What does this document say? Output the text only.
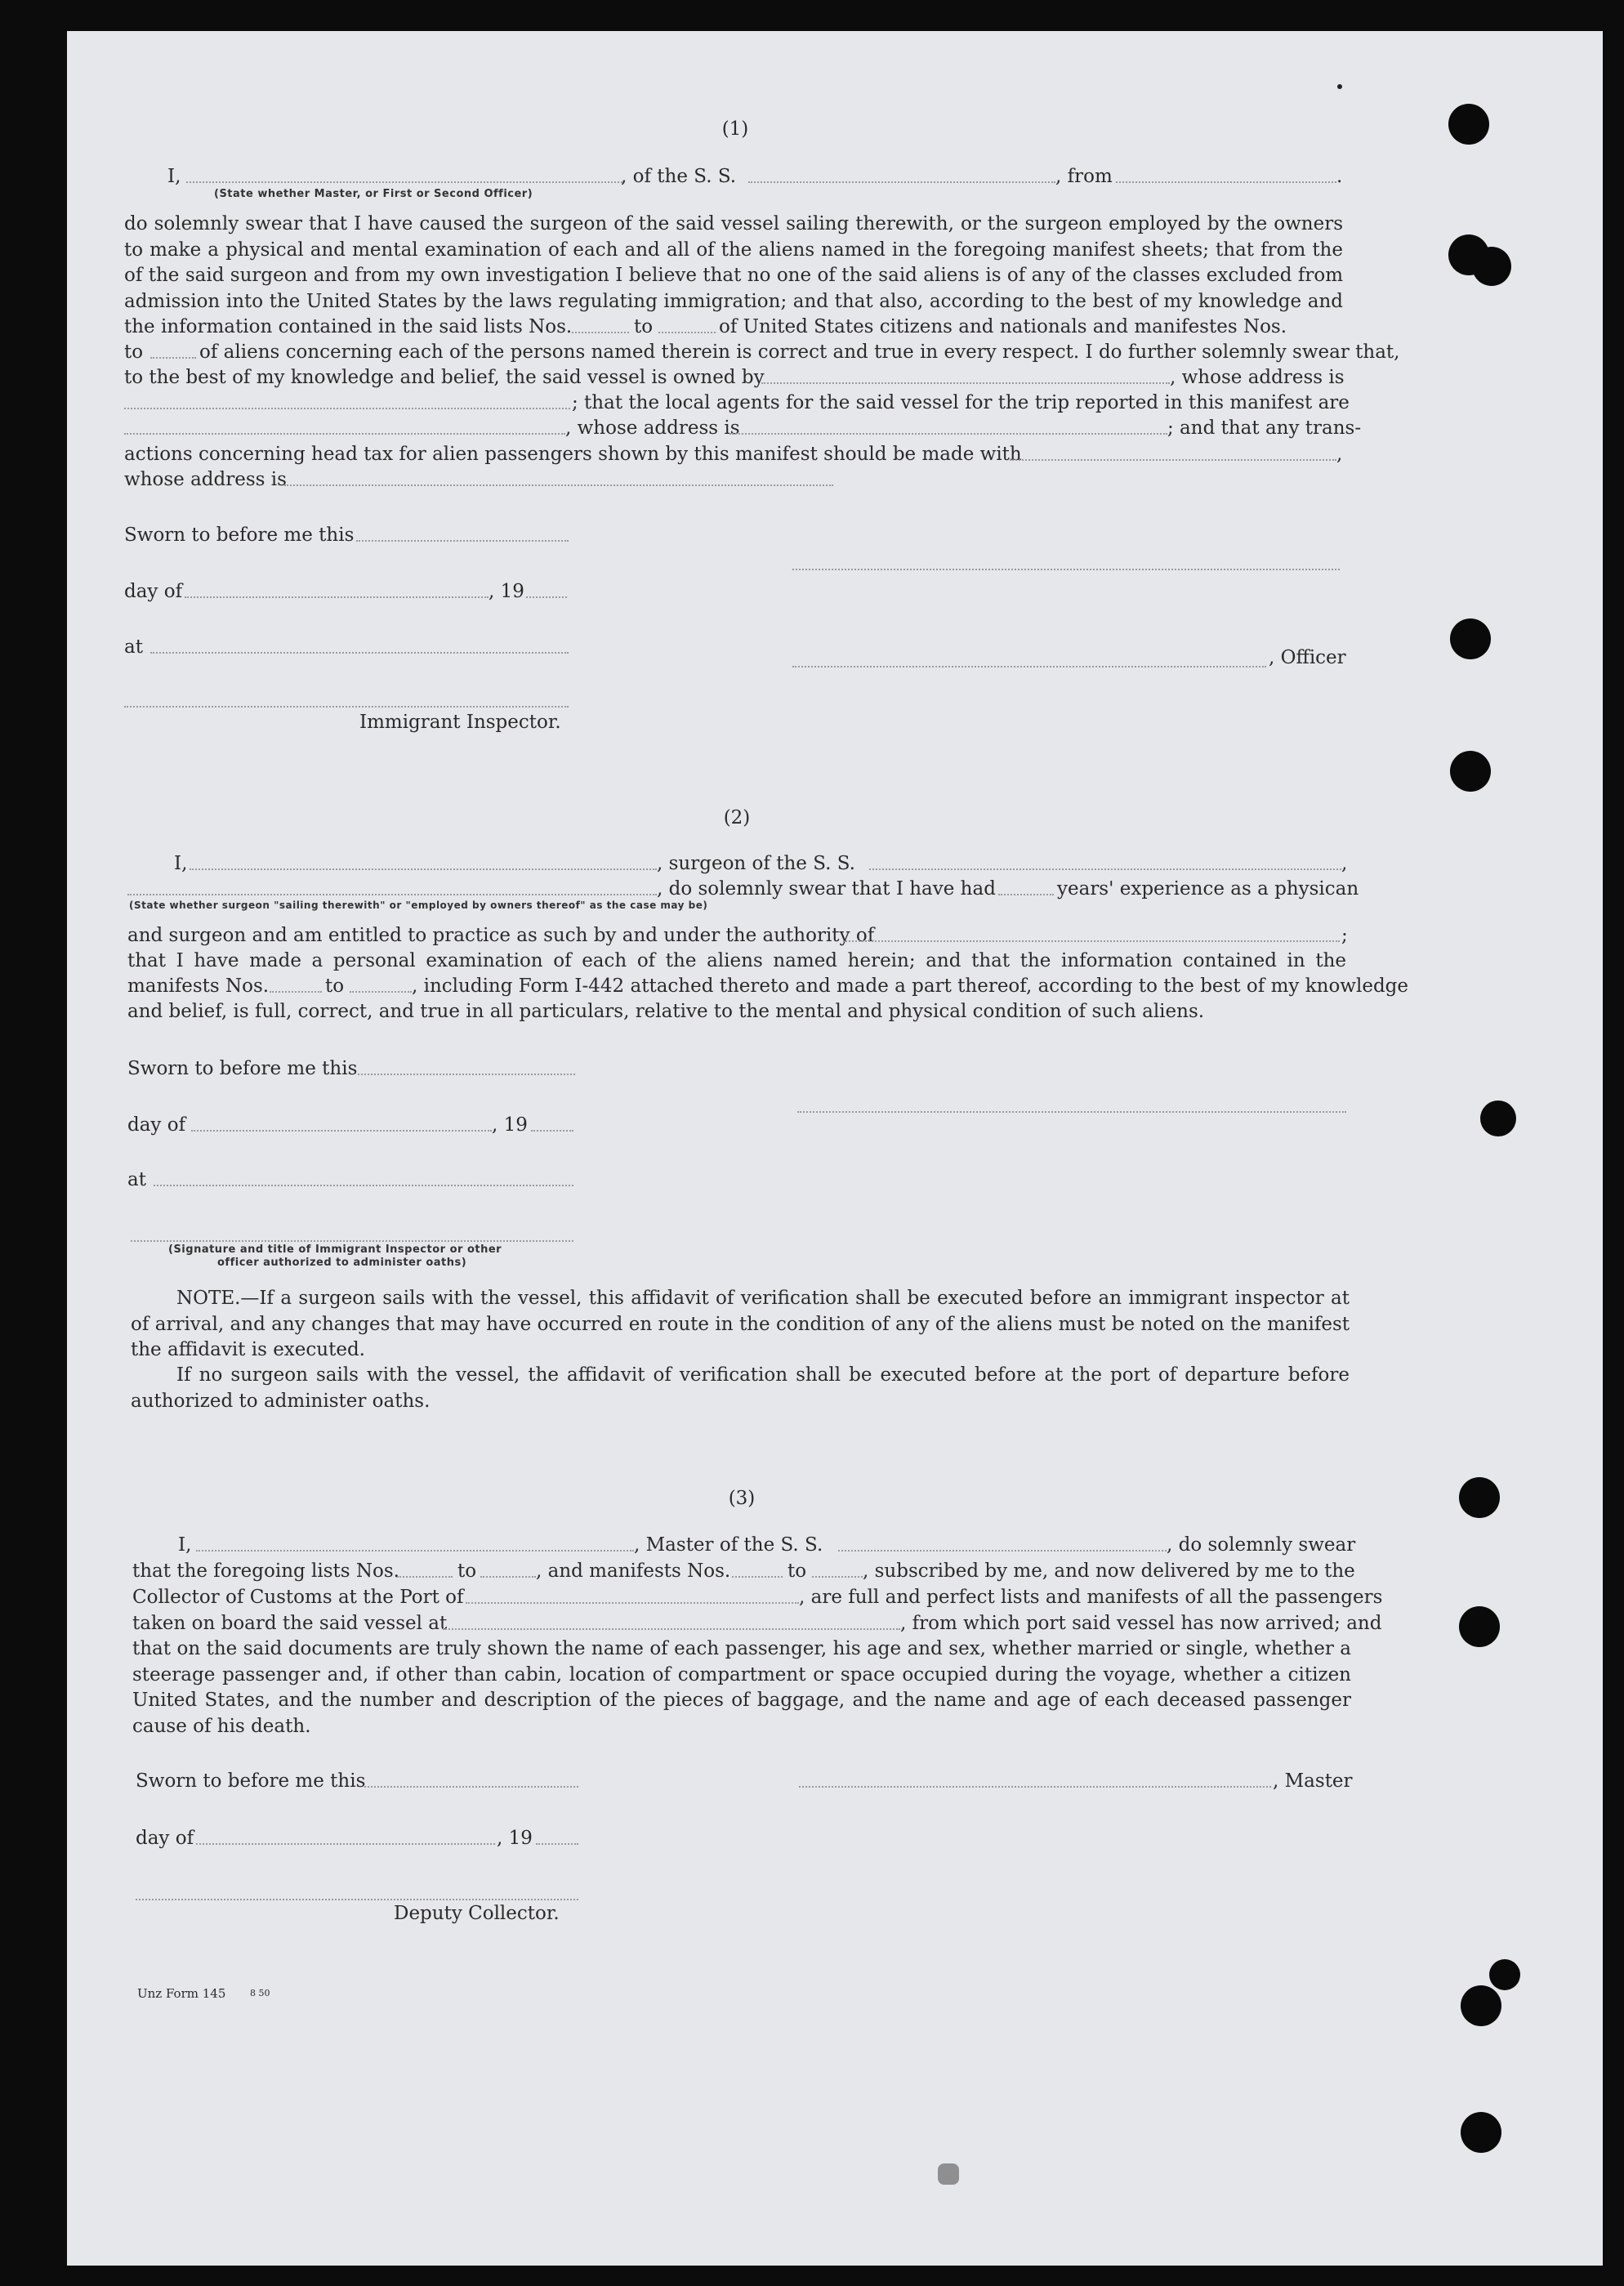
(1)
I,	, of the S. S.	, from	.
(State whether Master, or First or Second Officer)
do solemnly swear that I have caused the surgeon of the said vessel sailing therewith, or the surgeon employed by the owners
to make a physical and mental examination of each and all of the aliens named in the foregoing manifest sheets; that from the
of the said surgeon and from my own investigation I believe that no one of the said aliens is of any of the classes excluded from
admission into the United States by the laws regulating immigration; and that also, according to the best of my knowledge and
the information contained in the said lists Nos.	to	of United States citizens and nationals and manifestes Nos.
to	of aliens concerning each of the persons named therein is correct and true in every respect. I do further solemnly swear that,
to the best of my knowledge and belief, the said vessel is owned by	, whose address is
; that the local agents for the said vessel for the trip reported in this manifest are
, whose address is	; and that any trans-
actions concerning head tax for alien passengers shown by this manifest should be made with	,
whose address is
Sworn to before me this
day of	, 19
at	, Officer
Immigrant Inspector.
(2)
I,	, surgeon of the S. S.	,
, do solemnly swear that I have had	years' experience as a physican
(State whether surgeon "sailing therewith" or "employed by owners thereof" as the case may be)
and surgeon and am entitled to practice as such by and under the authority of	;
that I have made a personal examination of each of the aliens named herein; and that the information contained in the
manifests Nos.	to	, including Form I-442 attached thereto and made a part thereof, according to the best of my knowledge
and belief, is full, correct, and true in all particulars, relative to the mental and physical condition of such aliens.
Sworn to before me this
day of	, 19
at
(Signature and title of Immigrant Inspector or other
officer authorized to administer oaths)
NOTE.—If a surgeon sails with the vessel, this affidavit of verification shall be executed before an immigrant inspector at
of arrival, and any changes that may have occurred en route in the condition of any of the aliens must be noted on the manifest
the affidavit is executed.
If no surgeon sails with the vessel, the affidavit of verification shall be executed before at the port of departure before
authorized to administer oaths.
(3)
I,	, Master of the S. S.	, do solemnly swear
that the foregoing lists Nos.	to	, and manifests Nos.	to	, subscribed by me, and now delivered by me to the
Collector of Customs at the Port of	, are full and perfect lists and manifests of all the passengers
taken on board the said vessel at	, from which port said vessel has now arrived; and
that on the said documents are truly shown the name of each passenger, his age and sex, whether married or single, whether a
steerage passenger and, if other than cabin, location of compartment or space occupied during the voyage, whether a citizen
United States, and the number and description of the pieces of baggage, and the name and age of each deceased passenger
cause of his death.
Sworn to before me this	, Master
day of	, 19
Deputy Collector.
Unz Form 145	8 50
